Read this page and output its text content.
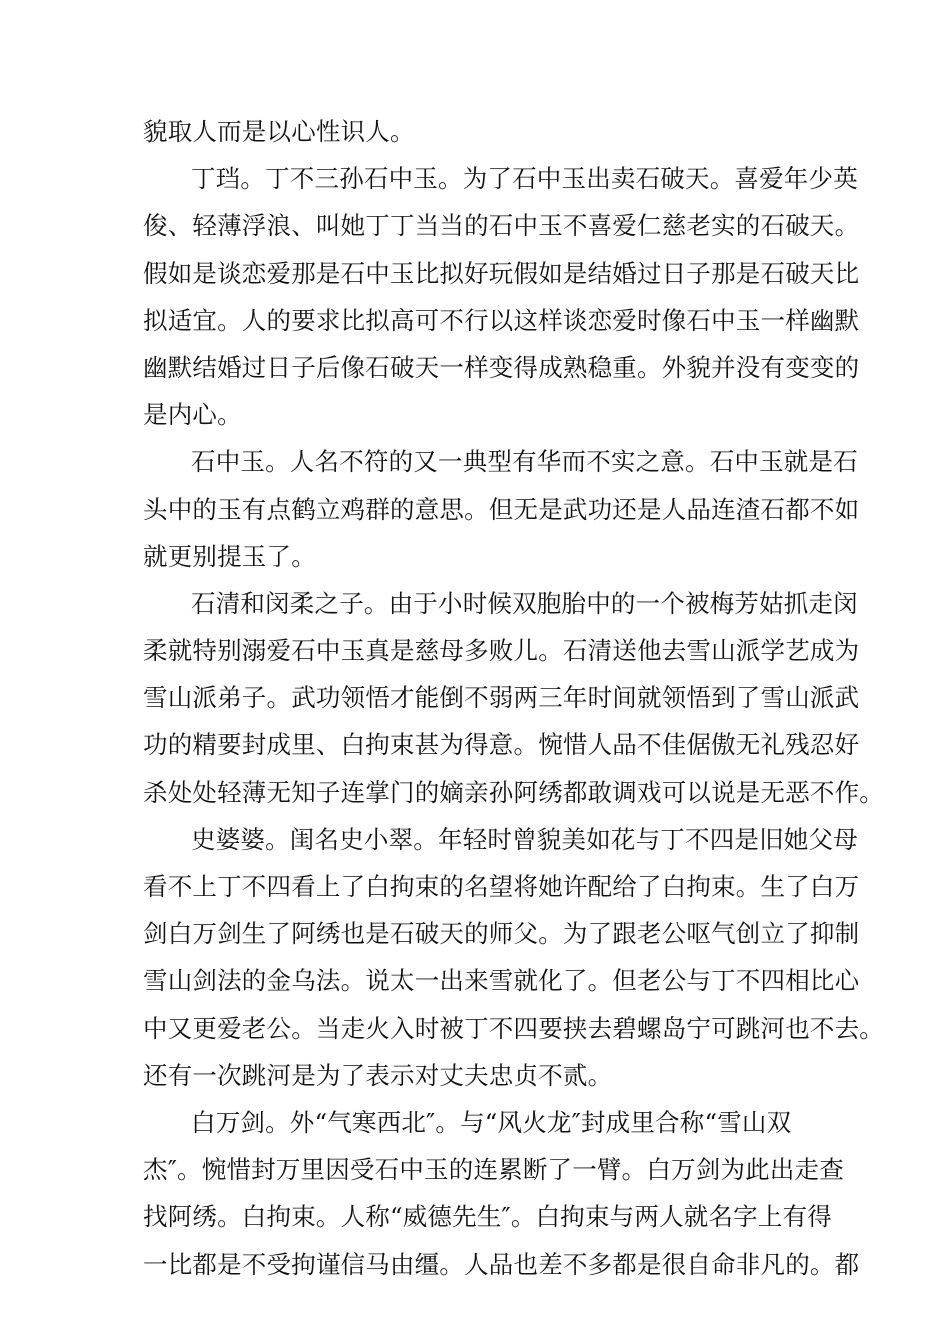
貌取人而是以心性识人。
丁珰。丁不三孙石中玉。为了石中玉出卖石破天。喜爱年少英
俊、轻薄浮浪、叫她丁丁当当的石中玉不喜爱仁慈老实的石破天。
假如是谈恋爱那是石中玉比拟好玩假如是结婚过日子那是石破天比
拟适宜。人的要求比拟高可不行以这样谈恋爱时像石中玉一样幽默
幽默结婚过日子后像石破天一样变得成熟稳重。外貌并没有变变的
是内心。
石中玉。人名不符的又一典型有华而不实之意。石中玉就是石
头中的玉有点鹤立鸡群的意思。但无是武功还是人品连渣石都不如
就更别提玉了。
石清和闵柔之子。由于小时候双胞胎中的一个被梅芳姑抓走闵
柔就特别溺爱石中玉真是慈母多败儿。石清送他去雪山派学艺成为
雪山派弟子。武功领悟才能倒不弱两三年时间就领悟到了雪山派武
功的精要封成里、白拘束甚为得意。惋惜人品不佳倨傲无礼残忍好
杀处处轻薄无知子连掌门的嫡亲孙阿绣都敢调戏可以说是无恶不作。
史婆婆。闺名史小翠。年轻时曾貌美如花与丁不四是旧她父母
看不上丁不四看上了白拘束的名望将她许配给了白拘束。生了白万
剑白万剑生了阿绣也是石破天的师父。为了跟老公呕气创立了抑制
雪山剑法的金乌法。说太一出来雪就化了。但老公与丁不四相比心
中又更爱老公。当走火入时被丁不四要挟去碧螺岛宁可跳河也不去。
还有一次跳河是为了表示对丈夫忠贞不贰。
白万剑。外“气寒西北″。与“风火龙″封成里合称“雪山双
杰″。惋惜封万里因受石中玉的连累断了一臂。白万剑为此出走查
找阿绣。白拘束。人称“威德先生″。白拘束与两人就名字上有得
一比都是不受拘谨信马由缰。人品也差不多都是很自命非凡的。都
